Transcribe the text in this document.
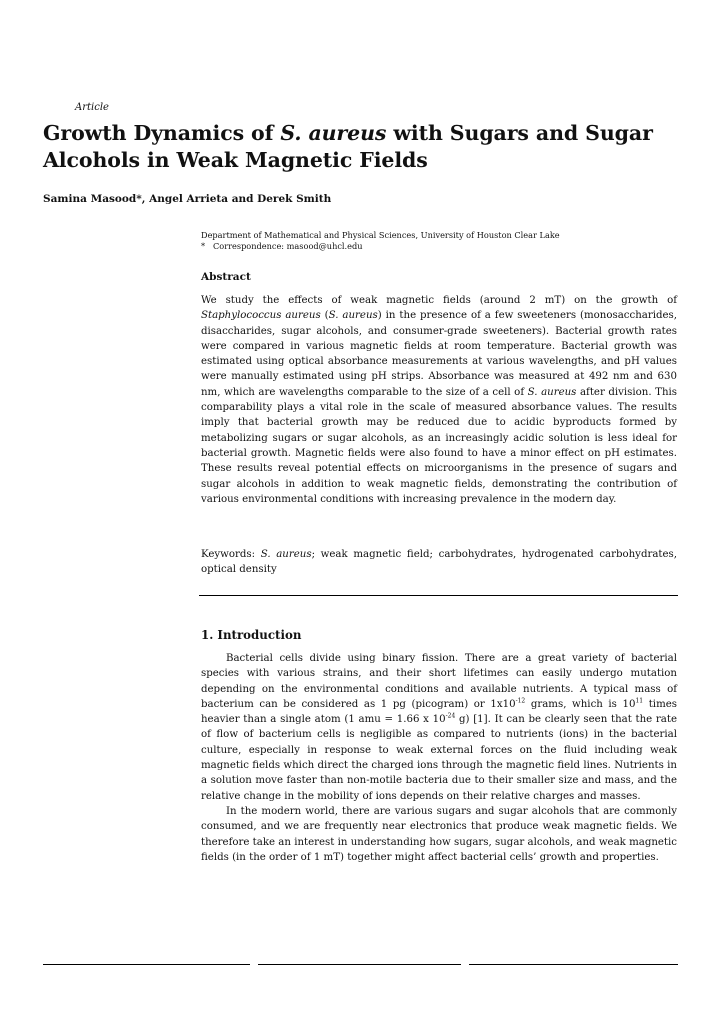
Article
Growth Dynamics of S. aureus with Sugars and Sugar Alcohols in Weak Magnetic Fields
Samina Masood*, Angel Arrieta and Derek Smith
Department of Mathematical and Physical Sciences, University of Houston Clear Lake
* Correspondence: masood@uhcl.edu
Abstract
We study the effects of weak magnetic fields (around 2 mT) on the growth of Staphylococcus aureus (S. aureus) in the presence of a few sweeteners (monosaccharides, disaccharides, sugar alcohols, and consumer-grade sweeteners). Bacterial growth rates were compared in various magnetic fields at room temperature. Bacterial growth was estimated using optical absorbance measurements at various wavelengths, and pH values were manually estimated using pH strips. Absorbance was measured at 492 nm and 630 nm, which are wavelengths comparable to the size of a cell of S. aureus after division. This comparability plays a vital role in the scale of measured absorbance values. The results imply that bacterial growth may be reduced due to acidic byproducts formed by metabolizing sugars or sugar alcohols, as an increasingly acidic solution is less ideal for bacterial growth. Magnetic fields were also found to have a minor effect on pH estimates. These results reveal potential effects on microorganisms in the presence of sugars and sugar alcohols in addition to weak magnetic fields, demonstrating the contribution of various environmental conditions with increasing prevalence in the modern day.
Keywords: S. aureus; weak magnetic field; carbohydrates, hydrogenated carbohydrates, optical density
1. Introduction

Bacterial cells divide using binary fission. There are a great variety of bacterial species with various strains, and their short lifetimes can easily undergo mutation depending on the environmental conditions and available nutrients. A typical mass of bacterium can be considered as 1 pg (picogram) or $1x10^{-12}$ grams, which is $10^{11}$ times heavier than a single atom (1 amu = 1.66 x $10^{-24}$ g) [1]. It can be clearly seen that the rate of flow of bacterium cells is negligible as compared to nutrients (ions) in the bacterial culture, especially in response to weak external forces on the fluid including weak magnetic fields which direct the charged ions through the magnetic field lines. Nutrients in a solution move faster than non-motile bacteria due to their smaller size and mass, and the relative change in the mobility of ions depends on their relative charges and masses.

In the modern world, there are various sugars and sugar alcohols that are commonly consumed, and we are frequently near electronics that produce weak magnetic fields. We therefore take an interest in understanding how sugars, sugar alcohols, and weak magnetic fields (in the order of 1 mT) together might affect bacterial cells’ growth and properties.
